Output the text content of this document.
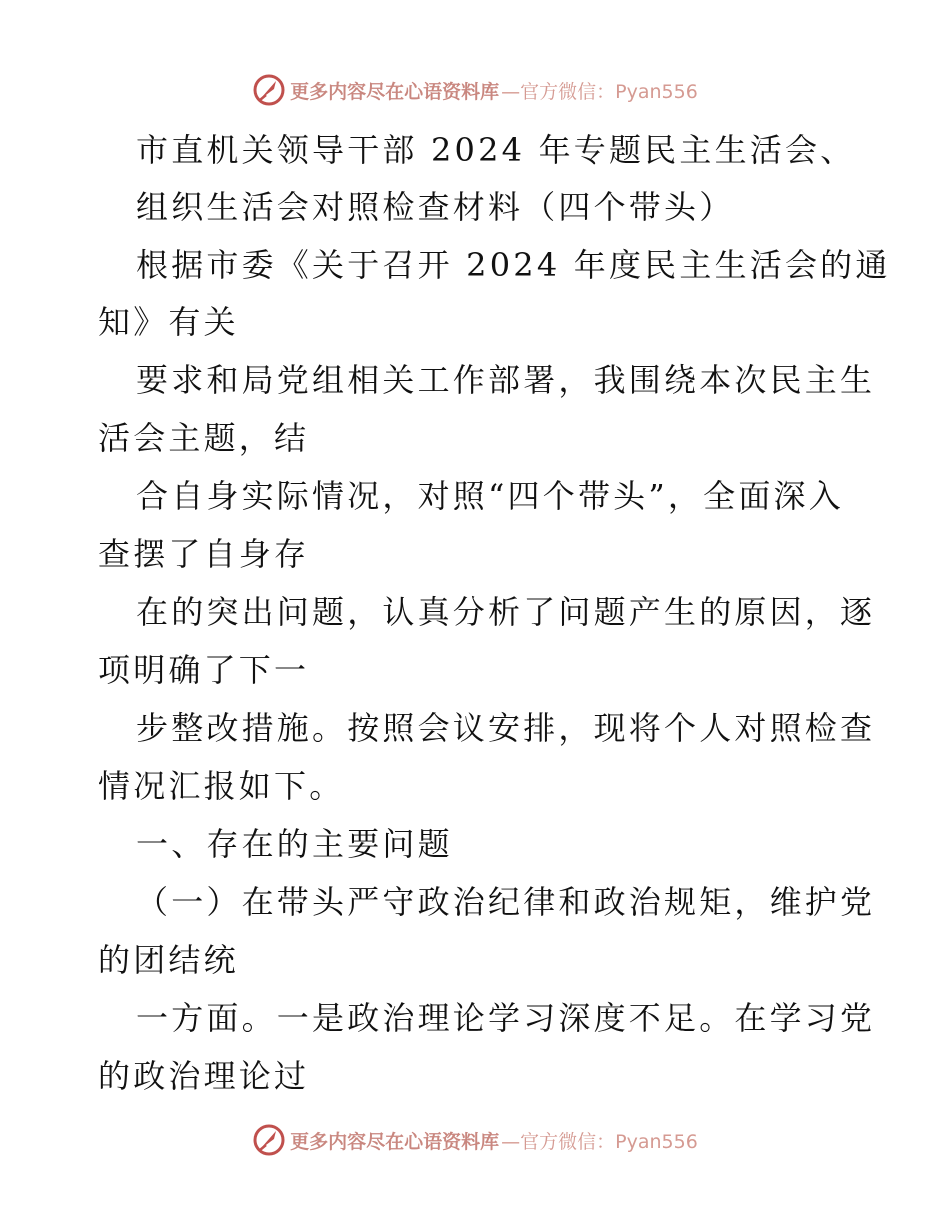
更多内容尽在心语资料库 —官方微信：Pyan556
市直机关领导干部 2024 年专题民主生活会、
组织生活会对照检查材料（四个带头）
根据市委《关于召开 2024 年度民主生活会的通
知》有关
要求和局党组相关工作部署，我围绕本次民主生
活会主题，结
合自身实际情况，对照“四个带头”，全面深入
查摆了自身存
在的突出问题，认真分析了问题产生的原因，逐
项明确了下一
步整改措施。按照会议安排，现将个人对照检查
情况汇报如下。
一、存在的主要问题
（一）在带头严守政治纪律和政治规矩，维护党
的团结统
一方面。一是政治理论学习深度不足。在学习党
的政治理论过
更多内容尽在心语资料库 —官方微信：Pyan556
